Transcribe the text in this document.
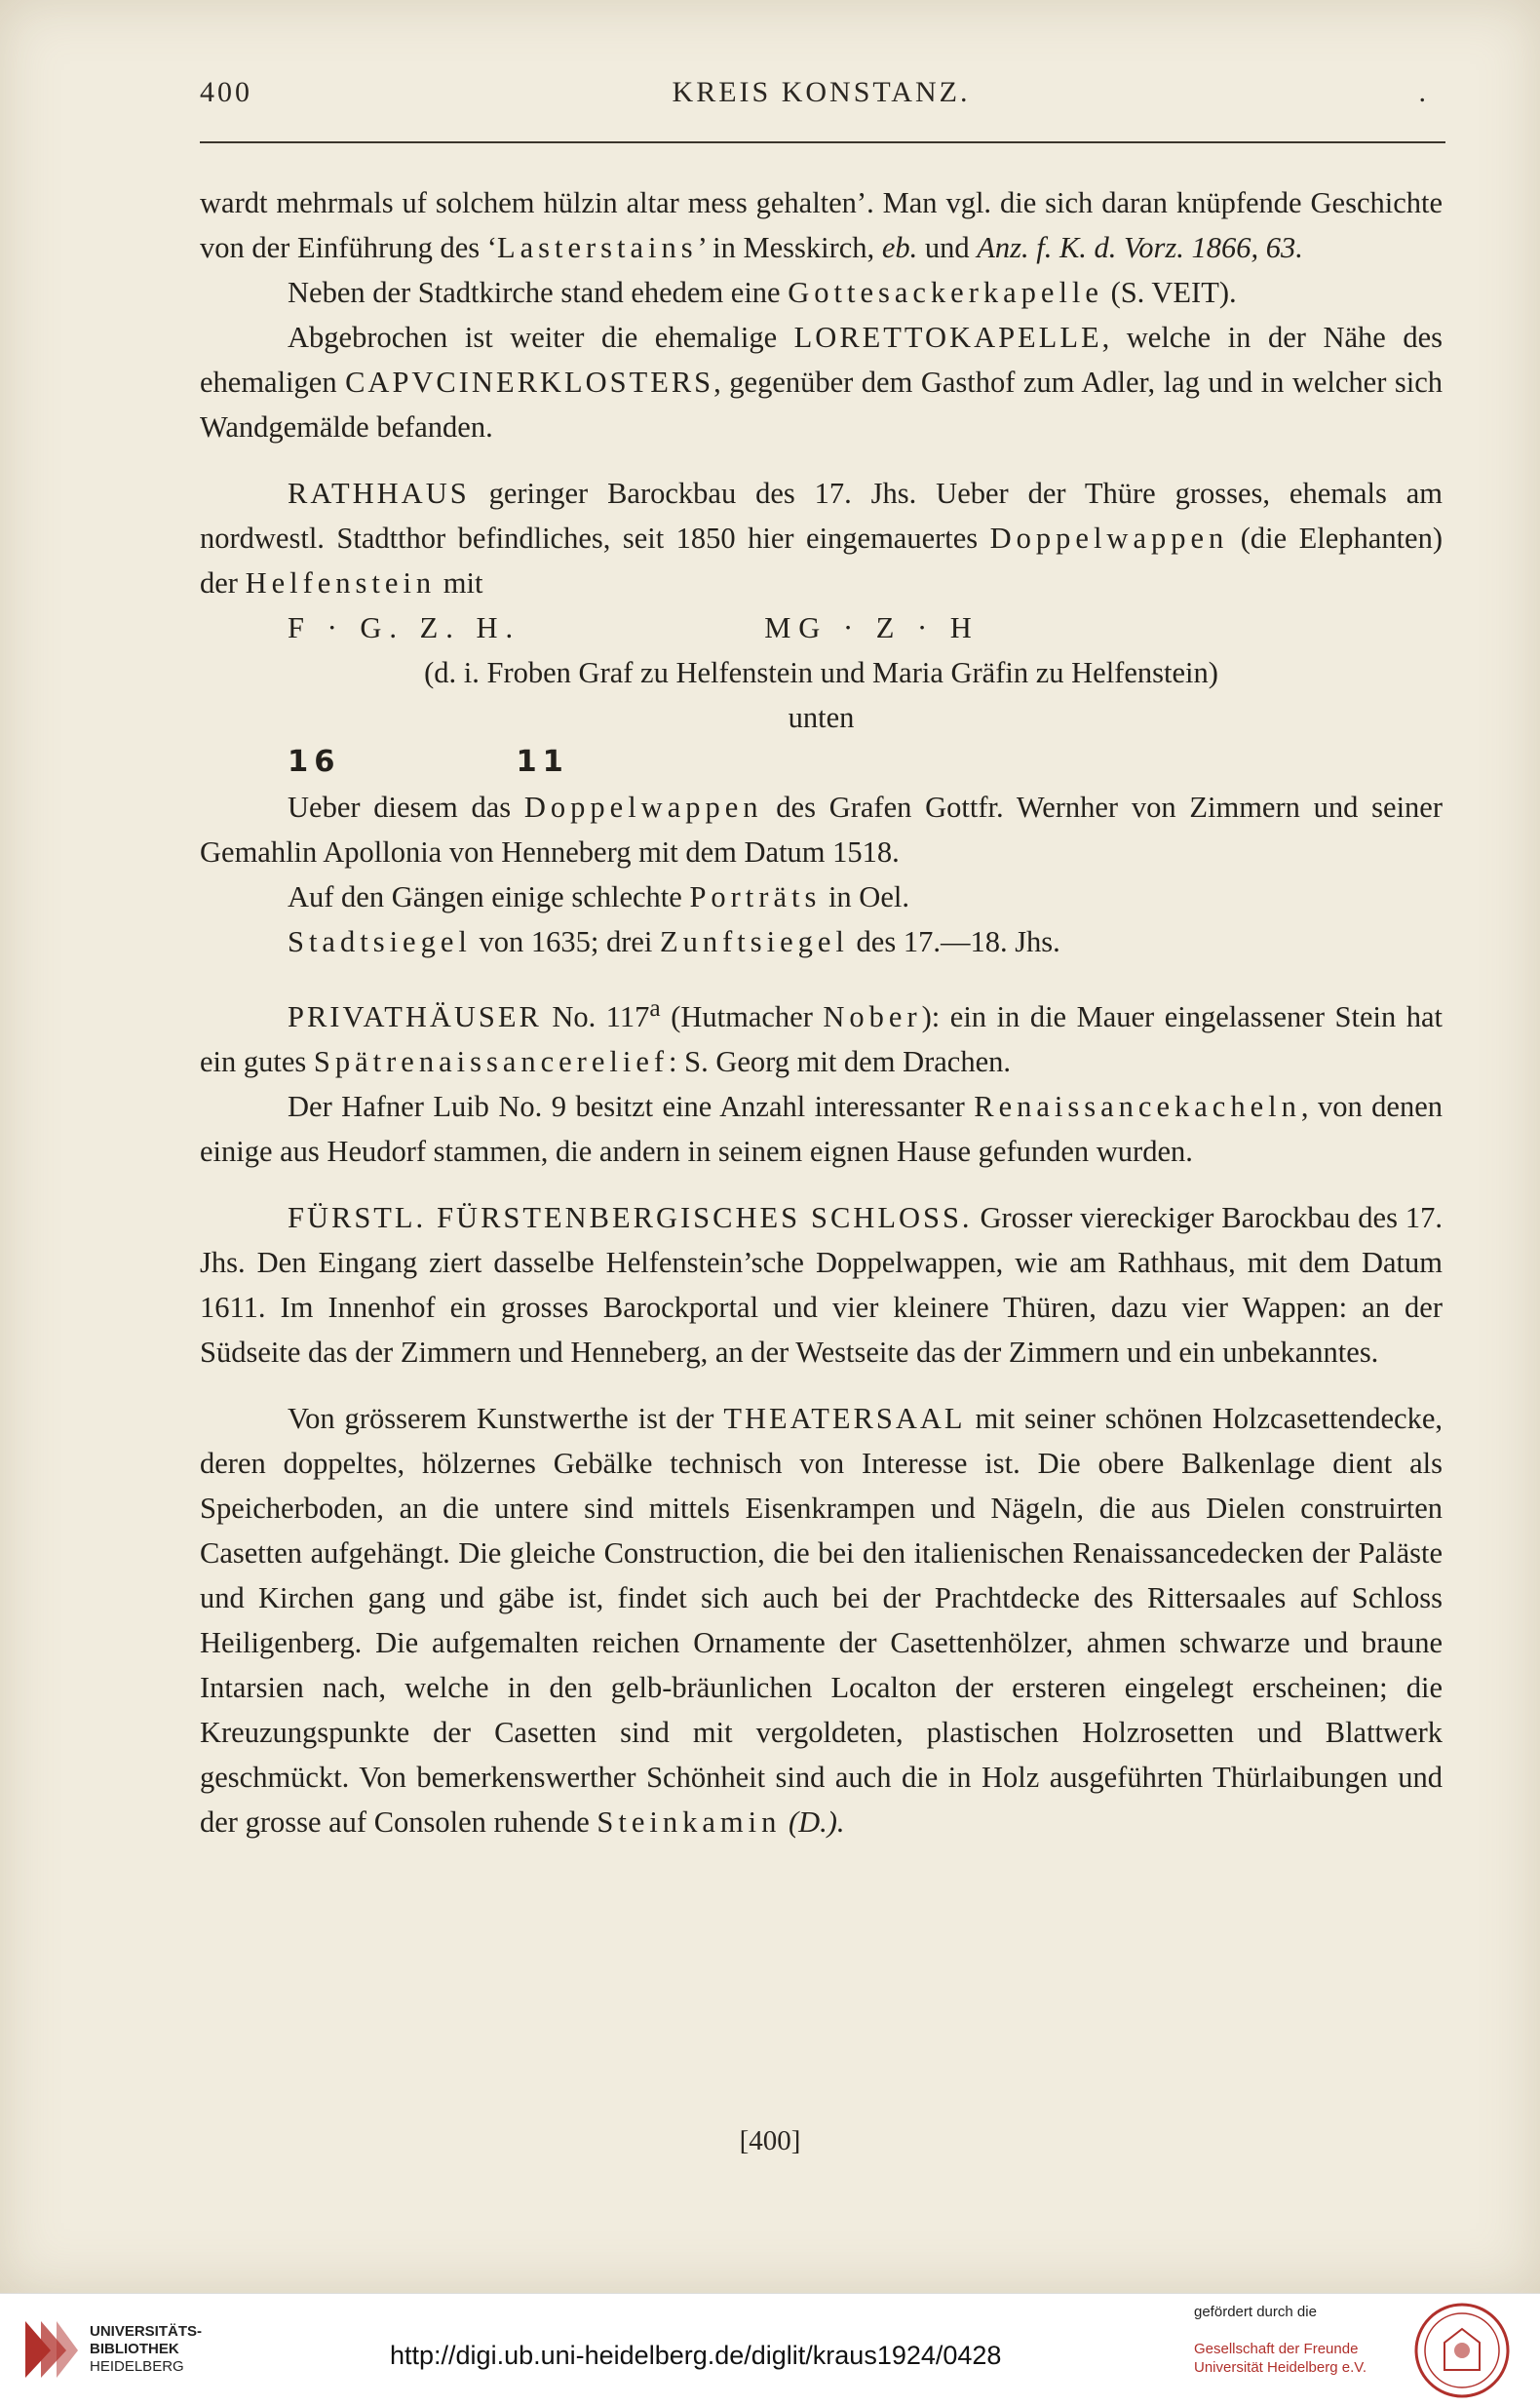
400	KREIS KONSTANZ.	.

wardt mehrmals uf solchem hülzin altar mess gehalten’. Man vgl. die sich daran knüpfende Geschichte von der Einführung des ‘Lasterstains’ in Messkirch, eb. und Anz. f. K. d. Vorz. 1866, 63.

Neben der Stadtkirche stand ehedem eine Gottesackerkapelle (S. VEIT).

Abgebrochen ist weiter die ehemalige LORETTOKAPELLE, welche in der Nähe des ehemaligen CAPVCINERKLOSTERS, gegenüber dem Gasthof zum Adler, lag und in welcher sich Wandgemälde befanden.

RATHHAUS geringer Barockbau des 17. Jhs. Ueber der Thüre grosses, ehemals am nordwestl. Stadtthor befindliches, seit 1850 hier eingemauertes Doppelwappen (die Elephanten) der Helfenstein mit

F · G. Z. H.	MG · Z · H

(d. i. Froben Graf zu Helfenstein und Maria Gräfin zu Helfenstein)

unten

16	11

Ueber diesem das Doppelwappen des Grafen Gottfr. Wernher von Zimmern und seiner Gemahlin Apollonia von Henneberg mit dem Datum 1518.

Auf den Gängen einige schlechte Porträts in Oel.

Stadtsiegel von 1635; drei Zunftsiegel des 17.—18. Jhs.

PRIVATHÄUSER No. 117$^a$ (Hutmacher Nober): ein in die Mauer eingelassener Stein hat ein gutes Spätrenaissancerelief: S. Georg mit dem Drachen.

Der Hafner Luib No. 9 besitzt eine Anzahl interessanter Renaissancekacheln, von denen einige aus Heudorf stammen, die andern in seinem eignen Hause gefunden wurden.

FÜRSTL. FÜRSTENBERGISCHES SCHLOSS. Grosser viereckiger Barockbau des 17. Jhs. Den Eingang ziert dasselbe Helfenstein’sche Doppelwappen, wie am Rathhaus, mit dem Datum 1611. Im Innenhof ein grosses Barockportal und vier kleinere Thüren, dazu vier Wappen: an der Südseite das der Zimmern und Henneberg, an der Westseite das der Zimmern und ein unbekanntes.

Von grösserem Kunstwerthe ist der THEATERSAAL mit seiner schönen Holzcasettendecke, deren doppeltes, hölzernes Gebälke technisch von Interesse ist. Die obere Balkenlage dient als Speicherboden, an die untere sind mittels Eisenkrampen und Nägeln, die aus Dielen construirten Casetten aufgehängt. Die gleiche Construction, die bei den italienischen Renaissancedecken der Paläste und Kirchen gang und gäbe ist, findet sich auch bei der Prachtdecke des Rittersaales auf Schloss Heiligenberg. Die aufgemalten reichen Ornamente der Casettenhölzer, ahmen schwarze und braune Intarsien nach, welche in den gelb-bräunlichen Localton der ersteren eingelegt erscheinen; die Kreuzungspunkte der Casetten sind mit vergoldeten, plastischen Holzrosetten und Blattwerk geschmückt. Von bemerkenswerther Schönheit sind auch die in Holz ausgeführten Thürlaibungen und der grosse auf Consolen ruhende Steinkamin (D.).

[400]
UNIVERSITÄTS-
BIBLIOTHEK
HEIDELBERG	http://digi.ub.uni-heidelberg.de/diglit/kraus1924/0428
gefördert durch die
Gesellschaft der Freunde
Universität Heidelberg e.V.
